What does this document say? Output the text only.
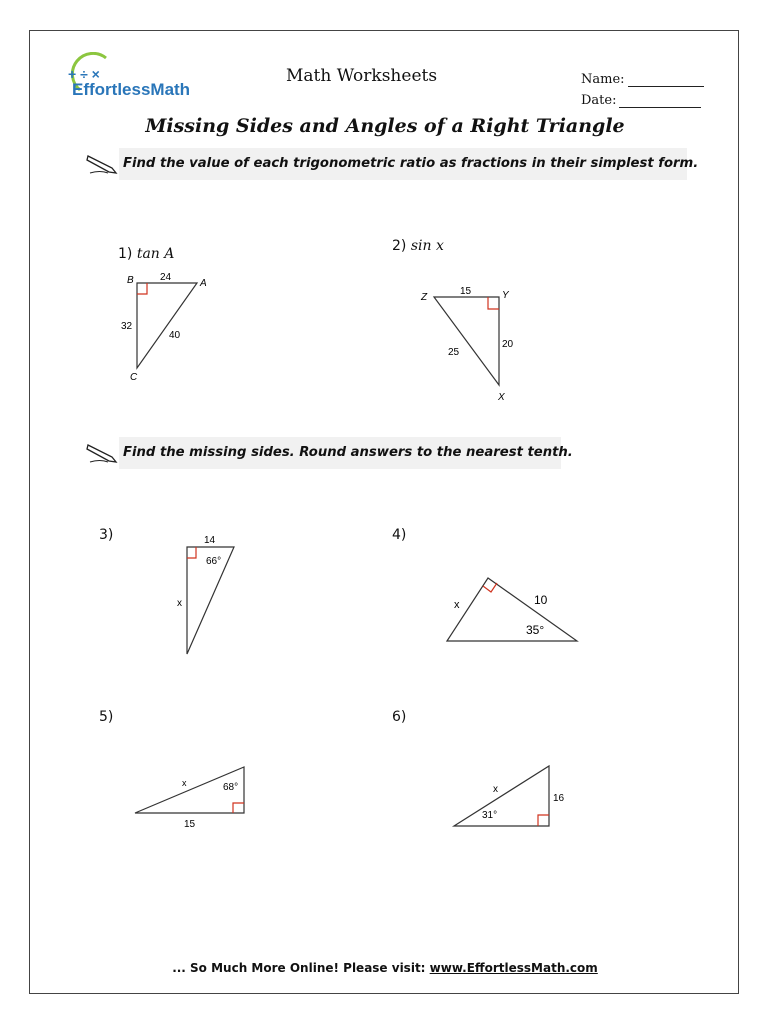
+ ÷ ×
EffortlessMath
Math Worksheets	Name:
Date:
Missing Sides and Angles of a Right Triangle
Find the value of each trigonometric ratio as fractions in their simplest form.
1) tan A
B	A
C
24
32
40
2) sin x
Z	Y
X
15
20
25
Find the missing sides. Round answers to the nearest tenth.
3)	14
x
66°
4)
x	10
35°
5)
x
15
68°
6)
x
16
31°
... So Much More Online! Please visit: www.EffortlessMath.com
